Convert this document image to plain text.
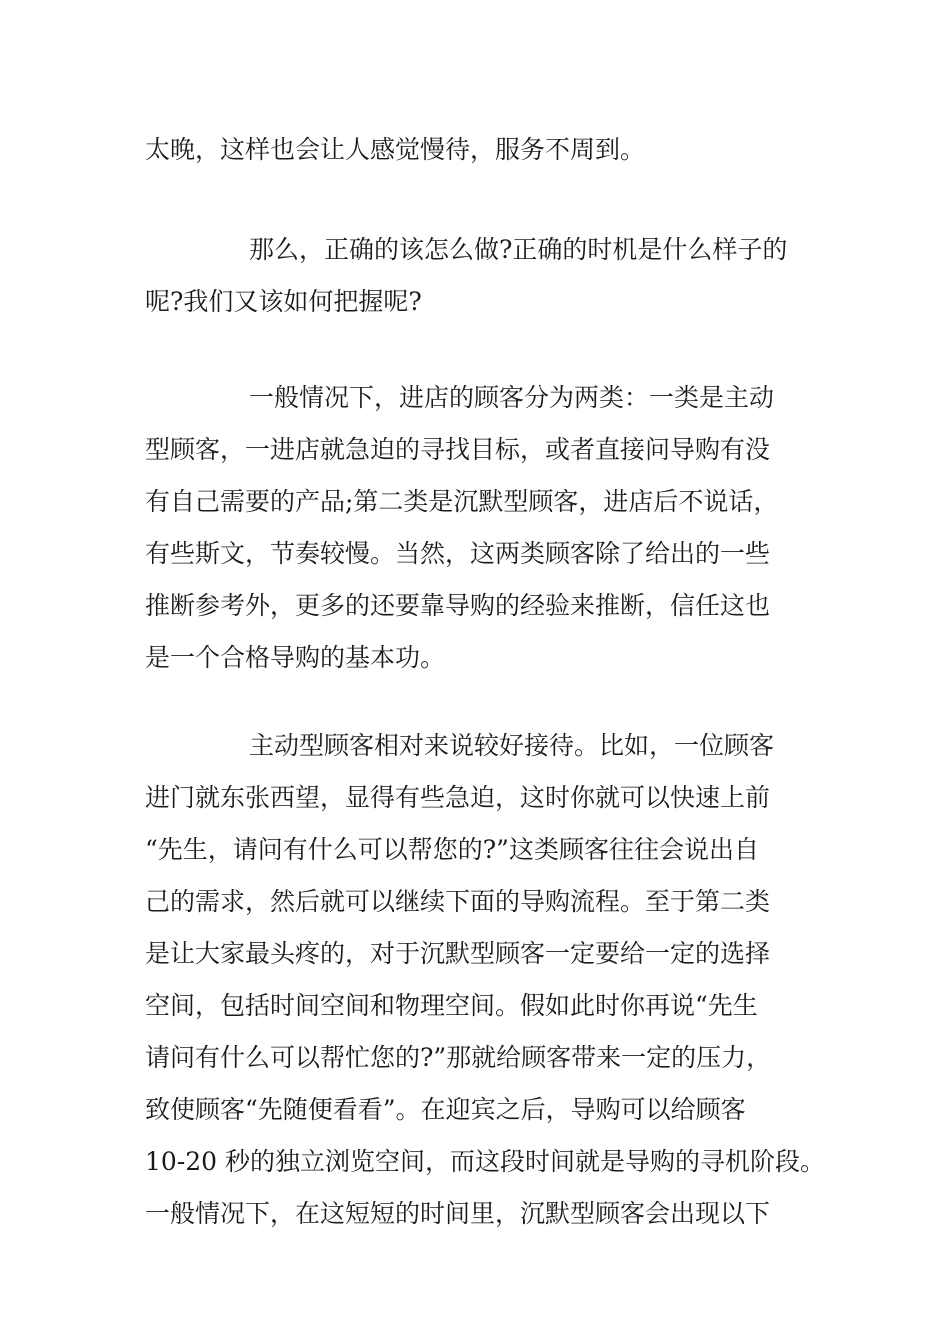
太晚，这样也会让人感觉慢待，服务不周到。
那么，正确的该怎么做?正确的时机是什么样子的
呢?我们又该如何把握呢?
一般情况下，进店的顾客分为两类：一类是主动
型顾客，一进店就急迫的寻找目标，或者直接问导购有没
有自己需要的产品;第二类是沉默型顾客，进店后不说话，
有些斯文，节奏较慢。当然，这两类顾客除了给出的一些
推断参考外，更多的还要靠导购的经验来推断，信任这也
是一个合格导购的基本功。
主动型顾客相对来说较好接待。比如，一位顾客
进门就东张西望，显得有些急迫，这时你就可以快速上前
“先生，请问有什么可以帮您的?”这类顾客往往会说出自
己的需求，然后就可以继续下面的导购流程。至于第二类
是让大家最头疼的，对于沉默型顾客一定要给一定的选择
空间，包括时间空间和物理空间。假如此时你再说“先生
请问有什么可以帮忙您的?”那就给顾客带来一定的压力，
致使顾客“先随便看看”。在迎宾之后，导购可以给顾客
10-20 秒的独立浏览空间，而这段时间就是导购的寻机阶段。
一般情况下，在这短短的时间里，沉默型顾客会出现以下
